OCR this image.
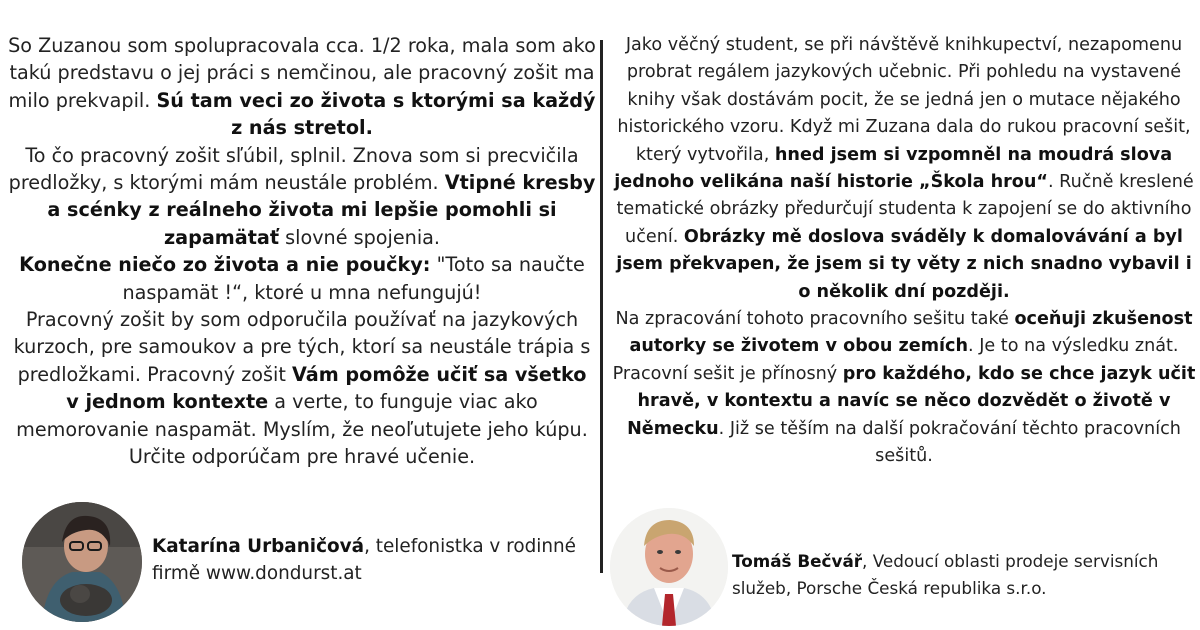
So Zuzanou som spolupracovala cca. 1/2 roka, mala som ako takú predstavu o jej práci s nemčinou, ale pracovný zošit ma milo prekvapil. Sú tam veci zo života s ktorými sa každý z nás stretol.
To čo pracovný zošit sľúbil, splnil. Znova som si precvičila predložky, s ktorými mám neustále problém. Vtipné kresby a scénky z reálneho života mi lepšie pomohli si zapamätať slovné spojenia.
Konečne niečo zo života a nie poučky: "Toto sa naučte naspamät !“, ktoré u mna nefungujú!
Pracovný zošit by som odporučila používať na jazykových kurzoch, pre samoukov a pre tých, ktorí sa neustále trápia s predložkami. Pracovný zošit Vám pomôže učiť sa všetko v jednom kontexte a verte, to funguje viac ako memorovanie naspamät. Myslím, že neoľutujete jeho kúpu. Určite odporúčam pre hravé učenie.
Jako věčný student, se při návštěvě knihkupectví, nezapomenu probrat regálem jazykových učebnic. Při pohledu na vystavené knihy však dostávám pocit, že se jedná jen o mutace nějakého historického vzoru. Když mi Zuzana dala do rukou pracovní sešit, který vytvořila, hned jsem si vzpomněl na moudrá slova jednoho velikána naší historie „Škola hrou“. Ručně kreslené tematické obrázky předurčují studenta k zapojení se do aktivního učení. Obrázky mě doslova sváděly k domalovávání a byl jsem překvapen, že jsem si ty věty z nich snadno vybavil i o několik dní později.
Na zpracování tohoto pracovního sešitu také oceňuji zkušenost autorky se životem v obou zemích. Je to na výsledku znát. Pracovní sešit je přínosný pro každého, kdo se chce jazyk učit hravě, v kontextu a navíc se něco dozvědět o životě v Německu. Již se těším na další pokračování těchto pracovních sešitů.
Katarína Urbaničová, telefonistka v rodinné firmě www.dondurst.at
Tomáš Bečvář, Vedoucí oblasti prodeje servisních služeb, Porsche Česká republika s.r.o.
